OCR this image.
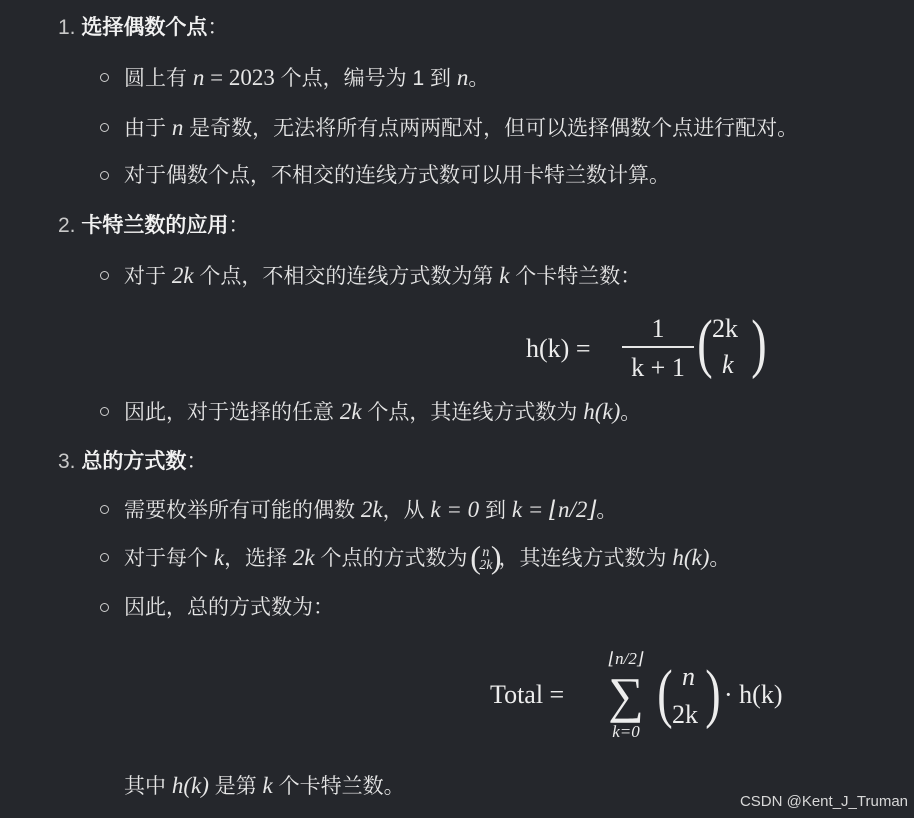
1. 选择偶数个点：
圆上有 n = 2023 个点，编号为 1 到 n。
由于 n 是奇数，无法将所有点两两配对，但可以选择偶数个点进行配对。
对于偶数个点，不相交的连线方式数可以用卡特兰数计算。
2. 卡特兰数的应用：
对于 2k 个点，不相交的连线方式数为第 k 个卡特兰数：
h(k) =
1
k + 1 ( 2k
k )
因此，对于选择的任意 2k 个点，其连线方式数为 h(k)。
3. 总的方式数：
需要枚举所有可能的偶数 2k，从 k = 0 到 k = ⌊n/2⌋。
对于每个 k，选择 2k 个点的方式数为
( n
2k
)
，其连线方式数为 h(k)。
因此，总的方式数为：
Total =
⌊n/2⌋
∑
k=0
( n
2k ) · h(k)
其中 h(k) 是第 k 个卡特兰数。
CSDN @Kent_J_Truman
